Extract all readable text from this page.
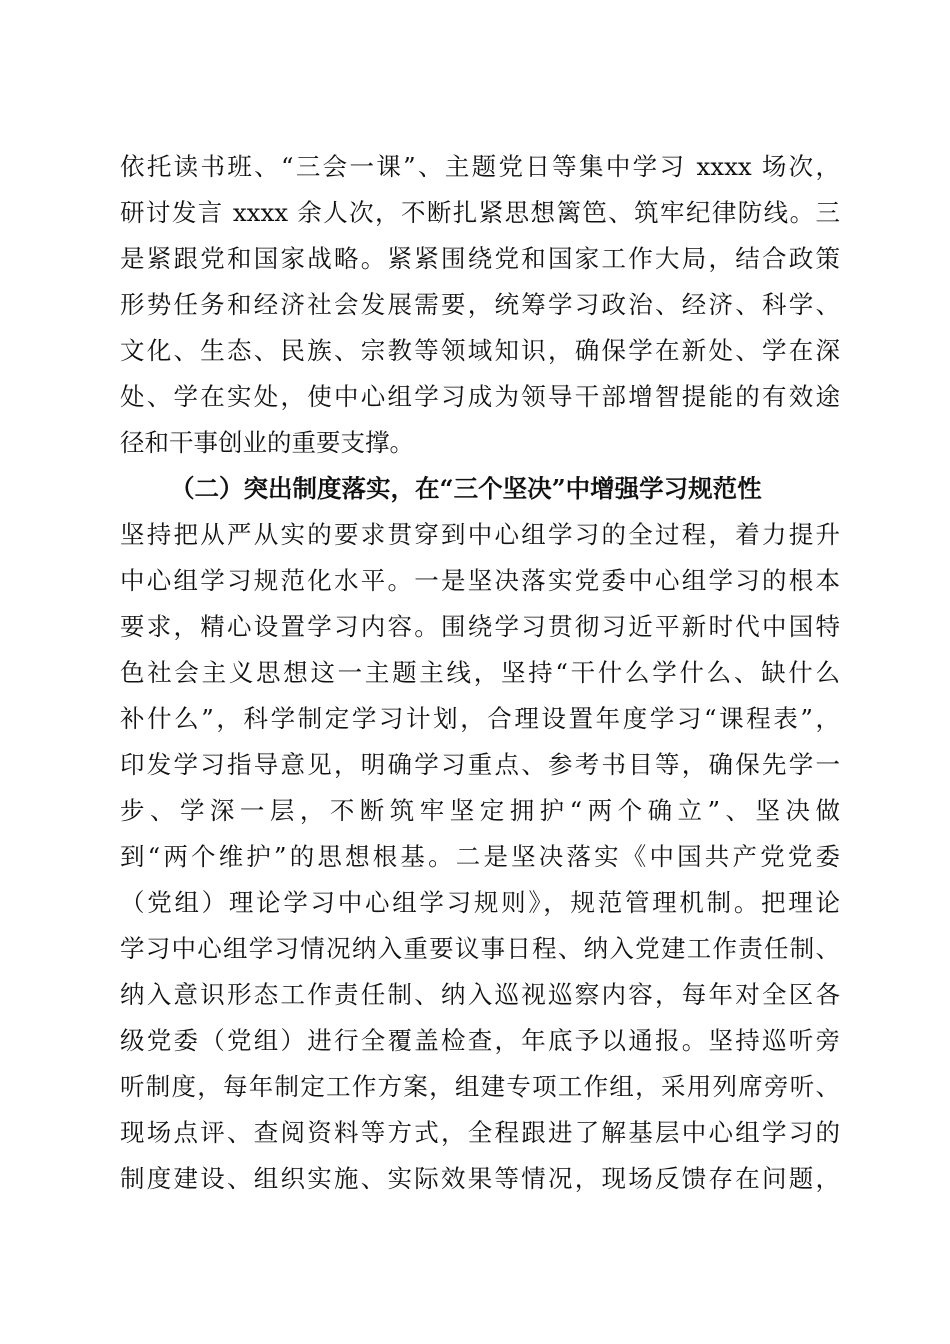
依托读书班、“三会一课”、主题党日等集中学习 xxxx 场次，
研讨发言 xxxx 余人次，不断扎紧思想篱笆、筑牢纪律防线。三
是紧跟党和国家战略。紧紧围绕党和国家工作大局，结合政策
形势任务和经济社会发展需要，统筹学习政治、经济、科学、
文化、生态、民族、宗教等领域知识，确保学在新处、学在深
处、学在实处，使中心组学习成为领导干部增智提能的有效途
径和干事创业的重要支撑。
（二）突出制度落实，在“三个坚决”中增强学习规范性
坚持把从严从实的要求贯穿到中心组学习的全过程，着力提升
中心组学习规范化水平。一是坚决落实党委中心组学习的根本
要求，精心设置学习内容。围绕学习贯彻习近平新时代中国特
色社会主义思想这一主题主线，坚持“干什么学什么、缺什么
补什么”，科学制定学习计划，合理设置年度学习“课程表”，
印发学习指导意见，明确学习重点、参考书目等，确保先学一
步、学深一层，不断筑牢坚定拥护“两个确立”、坚决做
到“两个维护”的思想根基。二是坚决落实《中国共产党党委
（党组）理论学习中心组学习规则》，规范管理机制。把理论
学习中心组学习情况纳入重要议事日程、纳入党建工作责任制、
纳入意识形态工作责任制、纳入巡视巡察内容，每年对全区各
级党委（党组）进行全覆盖检查，年底予以通报。坚持巡听旁
听制度，每年制定工作方案，组建专项工作组，采用列席旁听、
现场点评、查阅资料等方式，全程跟进了解基层中心组学习的
制度建设、组织实施、实际效果等情况，现场反馈存在问题，
